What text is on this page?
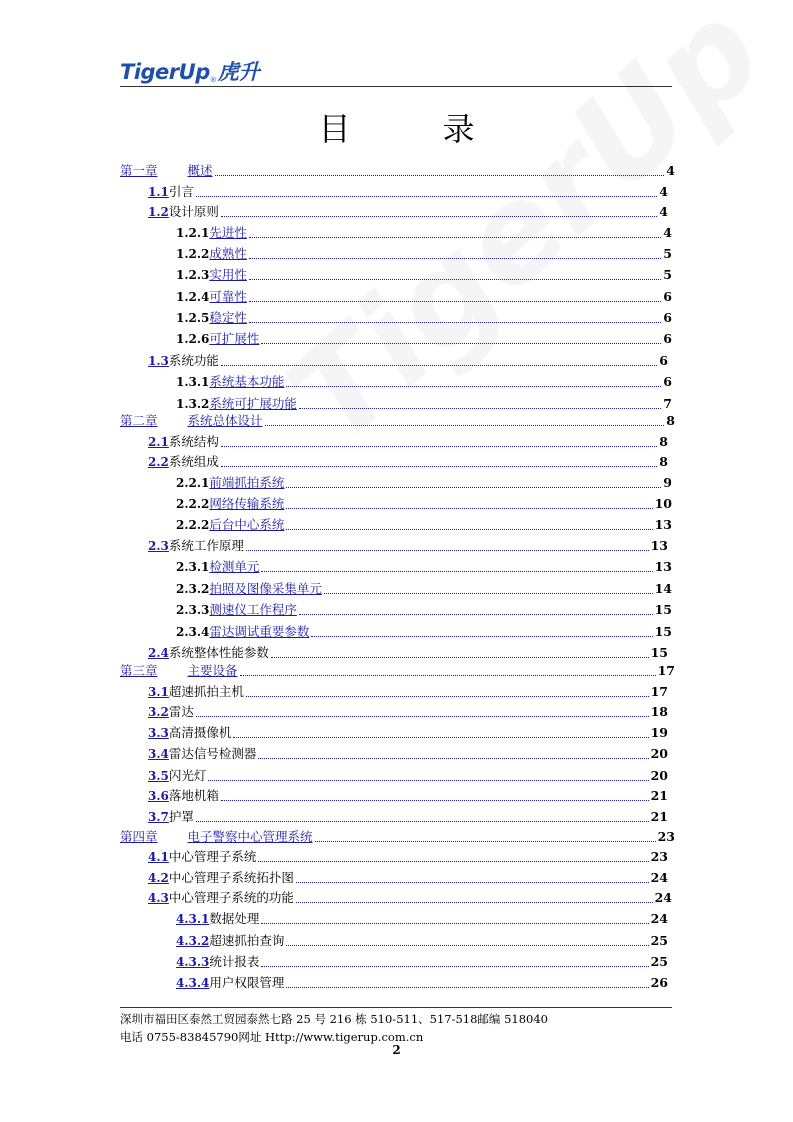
TigerUp ® 虎升
目	录
第一章 概述	4
1.1 引言	4
1.2 设计原则	4
1.2.1 先进性	4
1.2.2 成熟性	5
1.2.3 实用性	5
1.2.4 可靠性	6
1.2.5 稳定性	6
1.2.6 可扩展性	6
1.3 系统功能	6
1.3.1 系统基本功能	6
1.3.2 系统可扩展功能	7
第二章 系统总体设计	8
2.1 系统结构	8
2.2 系统组成	8
2.2.1 前端抓拍系统	9
2.2.2 网络传输系统	10
2.2.2 后台中心系统	13
2.3 系统工作原理	13
2.3.1 检测单元	13
2.3.2 拍照及图像采集单元	14
2.3.3 测速仪工作程序	15
2.3.4 雷达调试重要参数	15
2.4 系统整体性能参数	15
第三章 主要设备	17
3.1 超速抓拍主机	17
3.2 雷达	18
3.3 高清摄像机	19
3.4 雷达信号检测器	20
3.5 闪光灯	20
3.6 落地机箱	21
3.7 护罩	21
第四章 电子警察中心管理系统	23
4.1 中心管理子系统	23
4.2 中心管理子系统拓扑图	24
4.3 中心管理子系统的功能	24
4.3.1 数据处理	24
4.3.2 超速抓拍查询	25
4.3.3 统计报表	25
4.3.4 用户权限管理	26
深圳市福田区泰然工贸园泰然七路 25 号 216 栋 510-511、517-518邮编 518040
电话 0755-83845790网址 Http://www.tigerup.com.cn
2
